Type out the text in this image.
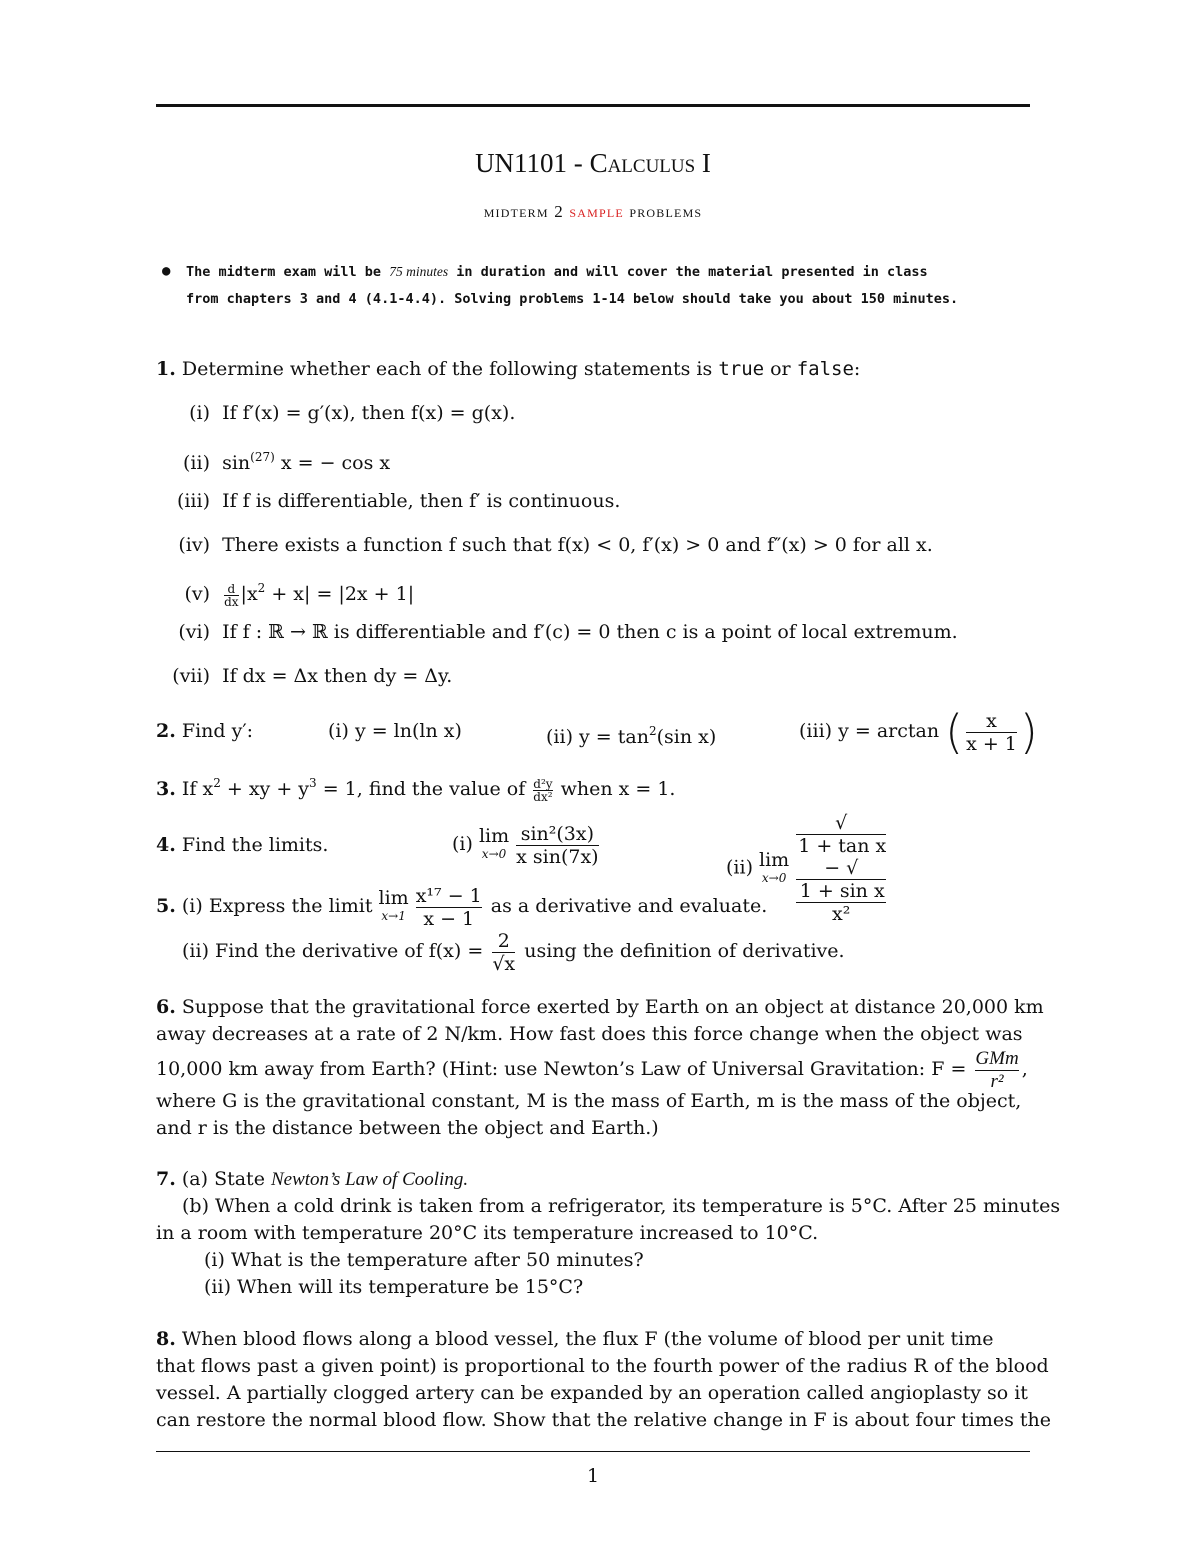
UN1101 - Calculus I
midterm 2 sample problems
● The midterm exam will be 75 minutes in duration and will cover the material presented in class
from chapters 3 and 4 (4.1-4.4). Solving problems 1-14 below should take you about 150 minutes.
1. Determine whether each of the following statements is true or false:
(i) If f′(x) = g′(x), then f(x) = g(x).
(ii) $\sin^{(27)} x$ = − cos x
(iii) If f is differentiable, then f′ is continuous.
(iv) There exists a function f such that f(x) < 0, f′(x) > 0 and f″(x) > 0 for all x.
$(v) \frac{d}{dx} |x^2 + x| = |2x + 1|$
(vi) If f : ℝ → ℝ is differentiable and f′(c) = 0 then c is a point of local extremum.
(vii) If dx = Δx then dy = Δy.
2. Find y′:	(i) y = ln(ln x)	(ii) $y = \tan^2(\sin$ x)	(iii) y = arctan ( $\frac{x}{x + 1}$ )
3. If $x^2$ + xy + $y^3 = 1$, find the value of $\frac{\text{d²y}}{\text{dx²}}$ when x = 1.
4. Find the limits.	(i) lim
$x\to 0 \frac{\text{sin²(3x)}}{\text{x sin(7x)}}$	(ii) lim
x→0 √
1 + tan x
− √
1 + sin x
x²
5. (i) Express the limit lim
$x\to 1 \frac{\text{x¹⁷ − 1}}{x - 1}$ as a derivative and evaluate.
(ii) Find the derivative of $f(x) = \frac{2}{√x}$ using the definition of derivative.
6. Suppose that the gravitational force exerted by Earth on an object at distance 20,000 km
away decreases at a rate of 2 N/km. How fast does this force change when the object was
10,000 km away from Earth? (Hint: use Newton’s Law of Universal Gravitation: $F = \frac{\text{GMm}}{\text{r²}}$ ,
where G is the gravitational constant, M is the mass of Earth, m is the mass of the object,
and r is the distance between the object and Earth.)
7. (a) State Newton’s Law of Cooling.
(b) When a cold drink is taken from a refrigerator, its temperature is 5°C. After 25 minutes
in a room with temperature 20°C its temperature increased to 10°C.
(i) What is the temperature after 50 minutes?
(ii) When will its temperature be 15°C?
8. When blood flows along a blood vessel, the flux F (the volume of blood per unit time
that flows past a given point) is proportional to the fourth power of the radius R of the blood
vessel. A partially clogged artery can be expanded by an operation called angioplasty so it
can restore the normal blood flow. Show that the relative change in F is about four times the
1
